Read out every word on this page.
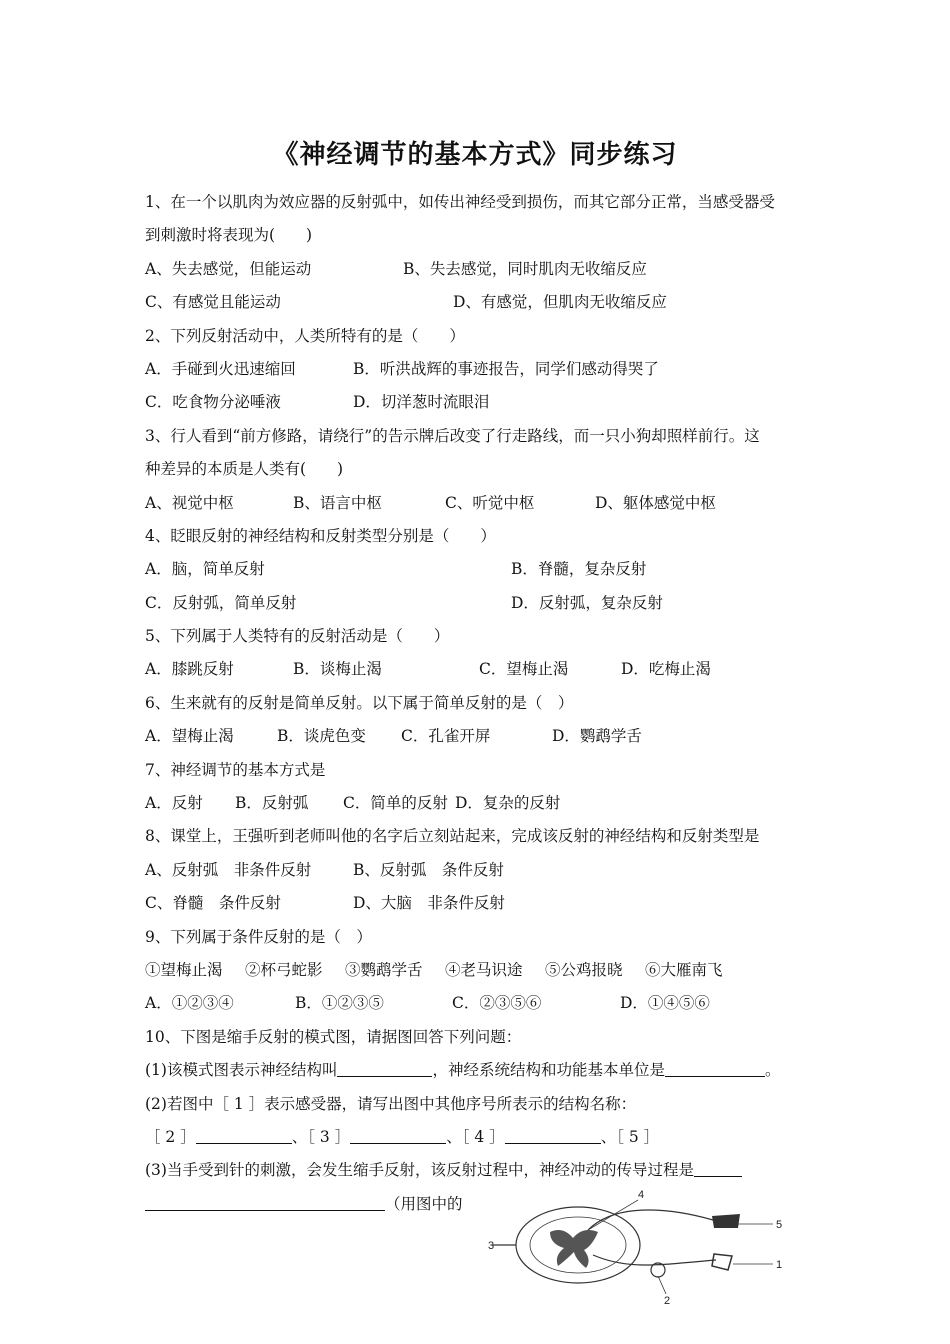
《神经调节的基本方式》同步练习
1、在一个以肌肉为效应器的反射弧中，如传出神经受到损伤，而其它部分正常，当感受器受
到刺激时将表现为(　　)
A、失去感觉，但能运动	B、失去感觉，同时肌肉无收缩反应
C、有感觉且能运动	D、有感觉，但肌肉无收缩反应
2、下列反射活动中，人类所特有的是（　　）
A．手碰到火迅速缩回	B．听洪战辉的事迹报告，同学们感动得哭了
C．吃食物分泌唾液	D．切洋葱时流眼泪
3、行人看到“前方修路，请绕行”的告示牌后改变了行走路线，而一只小狗却照样前行。这
种差异的本质是人类有(　　)
A、视觉中枢	B、语言中枢	C、听觉中枢	D、躯体感觉中枢
4、眨眼反射的神经结构和反射类型分别是（　　）
A．脑，简单反射	B．脊髓，复杂反射
C．反射弧，简单反射	D．反射弧，复杂反射
5、下列属于人类特有的反射活动是（　　）
A．膝跳反射	B．谈梅止渴	C．望梅止渴	D．吃梅止渴
6、生来就有的反射是简单反射。以下属于简单反射的是（　）
A．望梅止渴	B．谈虎色变 C．孔雀开屏	D．鹦鹉学舌
7、神经调节的基本方式是
A．反射 B．反射弧 C．简单的反射 D．复杂的反射
8、课堂上，王强听到老师叫他的名字后立刻站起来，完成该反射的神经结构和反射类型是
A、反射弧　非条件反射	B、反射弧　条件反射
C、脊髓　条件反射	D、大脑　非条件反射
9、下列属于条件反射的是（　）
①望梅止渴 ②杯弓蛇影 ③鹦鹉学舌 ④老马识途 ⑤公鸡报晓 ⑥大雁南飞
A．①②③④	B．①②③⑤	C．②③⑤⑥	D．①④⑤⑥
10、下图是缩手反射的模式图，请据图回答下列问题：
(1)该模式图表示神经结构叫	，神经系统结构和功能基本单位是	。
(2)若图中［ 1 ］表示感受器，请写出图中其他序号所表示的结构名称：
［ 2 ］	、［ 3 ］	、［ 4 ］	、［ 5 ］
(3)当手受到针的刺激，会发生缩手反射，该反射过程中，神经冲动的传导过程是
（用图中的	4
5
3
1
2
